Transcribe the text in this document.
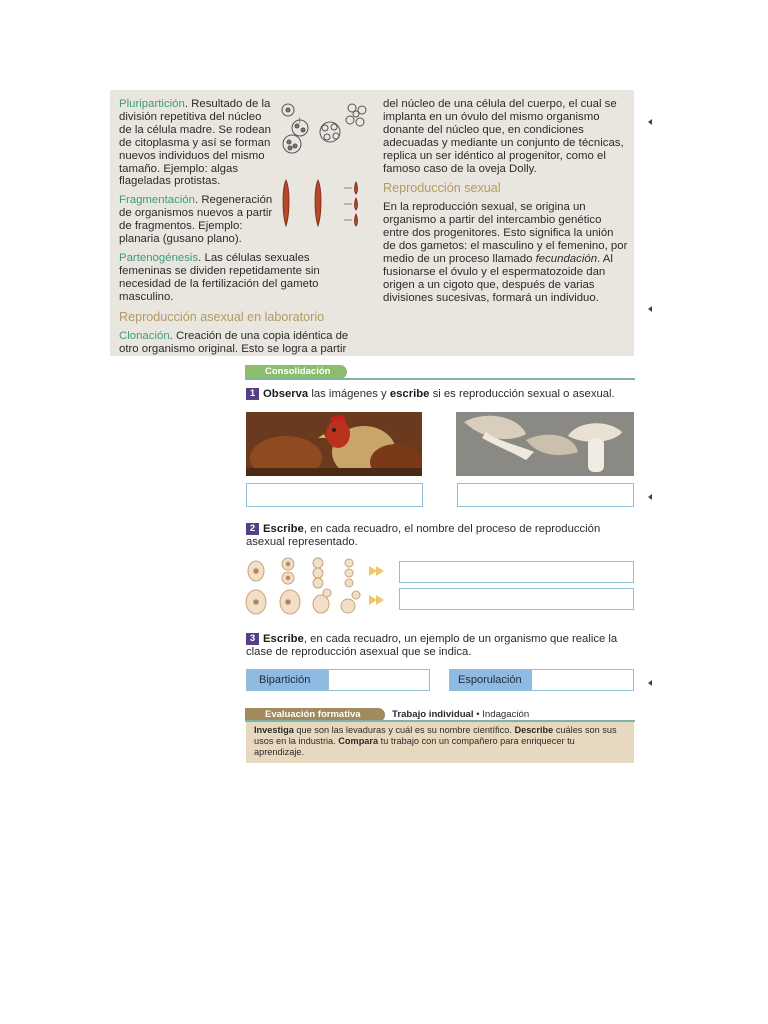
Pluripartición. Resultado de la división repetitiva del núcleo de la célula madre. Se rodean de citoplasma y así se forman nuevos individuos del mismo tamaño. Ejemplo: algas flageladas protistas.

Fragmentación. Regeneración de organismos nuevos a partir de fragmentos. Ejemplo: planaria (gusano plano).

Partenogénesis. Las células sexuales femeninas se dividen repetidamente sin necesidad de la fertilización del gameto masculino.

Reproducción asexual en laboratorio

Clonación. Creación de una copia idéntica de otro organismo original. Esto se logra a partir

|

del núcleo de una célula del cuerpo, el cual se implanta en un óvulo del mismo organismo donante del núcleo que, en condiciones adecuadas y mediante un conjunto de técnicas, replica un ser idéntico al progenitor, como el famoso caso de la oveja Dolly.

Reproducción sexual

En la reproducción sexual, se origina un organismo a partir del intercambio genético entre dos progenitores. Esto significa la unión de dos gametos: el masculino y el femenino, por medio de un proceso llamado fecundación. Al fusionarse el óvulo y el espermatozoide dan origen a un cigoto que, después de varias divisiones sucesivas, formará un individuo.

Consolidación
1 Observa las imágenes y escribe si es reproducción sexual o asexual.
2 Escribe, en cada recuadro, el nombre del proceso de reproducción asexual representado.
3 Escribe, en cada recuadro, un ejemplo de un organismo que realice la clase de reproducción asexual que se indica.
Bipartición	Esporulación
Evaluación formativa	Trabajo individual • Indagación
Investiga que son las levaduras y cuál es su nombre científico. Describe cuáles son sus usos en la industria. Compara tu trabajo con un compañero para enriquecer tu aprendizaje.
